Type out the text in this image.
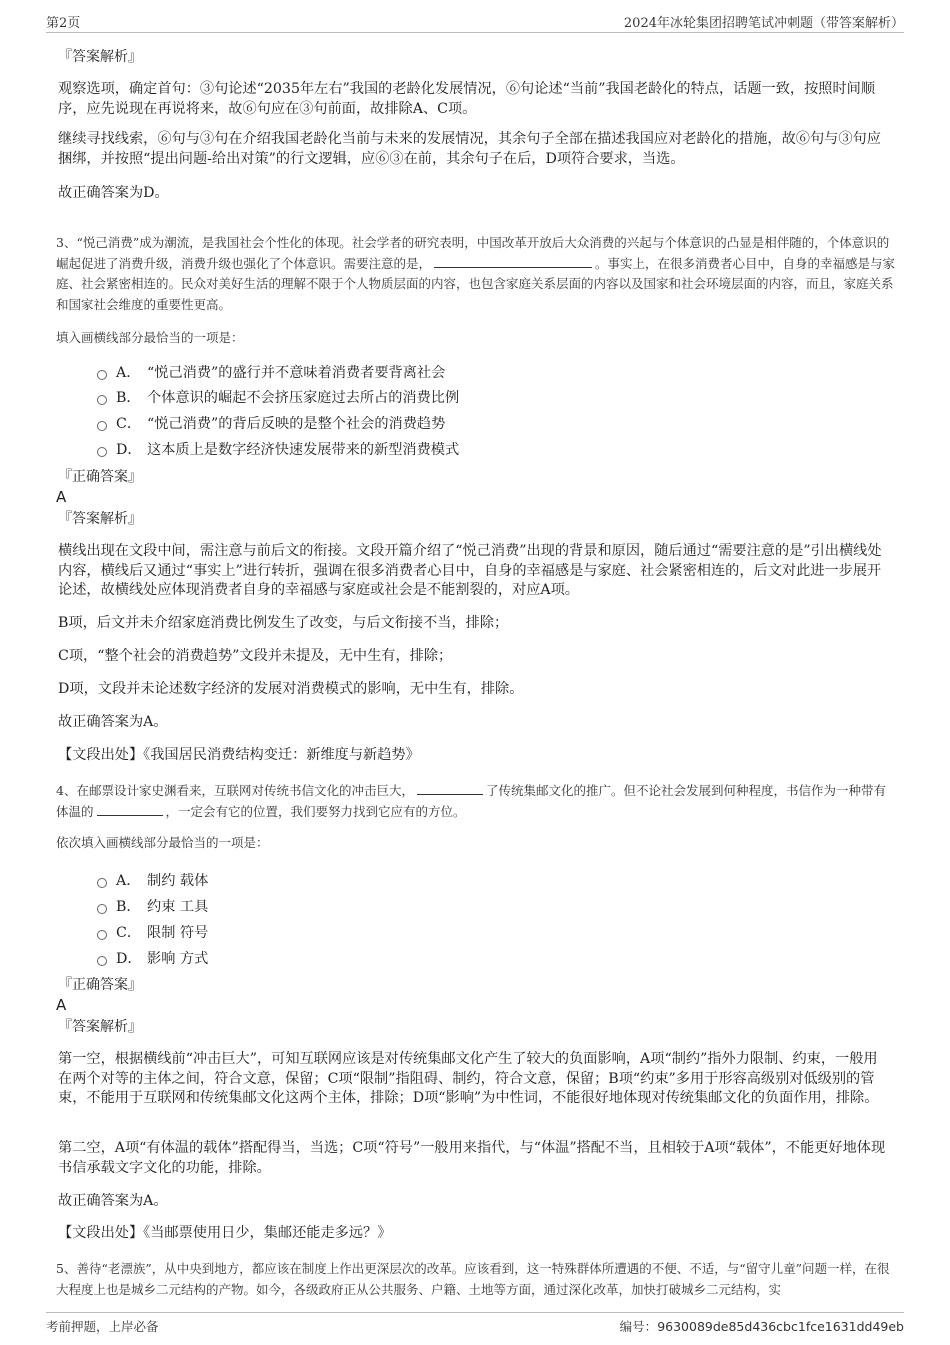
第2页	2024年冰轮集团招聘笔试冲刺题（带答案解析）

『答案解析』

观察选项，确定首句：③句论述“2035年左右”我国的老龄化发展情况，⑥句论述“当前”我国老龄化的特点，话题一致，按照时间顺序，应先说现在再说将来，故⑥句应在③句前面，故排除A、C项。

继续寻找线索，⑥句与③句在介绍我国老龄化当前与未来的发展情况，其余句子全部在描述我国应对老龄化的措施，故⑥句与③句应捆绑，并按照“提出问题-给出对策”的行文逻辑，应⑥③在前，其余句子在后，D项符合要求，当选。

故正确答案为D。

3、“悦己消费”成为潮流，是我国社会个性化的体现。社会学者的研究表明，中国改革开放后大众消费的兴起与个体意识的凸显是相伴随的，个体意识的崛起促进了消费升级，消费升级也强化了个体意识。需要注意的是，	。事实上，在很多消费者心目中，自身的幸福感是与家庭、社会紧密相连的。民众对美好生活的理解不限于个人物质层面的内容，也包含家庭关系层面的内容以及国家和社会环境层面的内容，而且，家庭关系和国家社会维度的重要性更高。

填入画横线部分最恰当的一项是：

A． “悦己消费”的盛行并不意味着消费者要背离社会
B． 个体意识的崛起不会挤压家庭过去所占的消费比例
C． “悦己消费”的背后反映的是整个社会的消费趋势
D． 这本质上是数字经济快速发展带来的新型消费模式

『正确答案』

A

『答案解析』

横线出现在文段中间，需注意与前后文的衔接。文段开篇介绍了“悦己消费”出现的背景和原因，随后通过“需要注意的是”引出横线处内容，横线后又通过“事实上”进行转折，强调在很多消费者心目中，自身的幸福感是与家庭、社会紧密相连的，后文对此进一步展开论述，故横线处应体现消费者自身的幸福感与家庭或社会是不能割裂的，对应A项。

B项，后文并未介绍家庭消费比例发生了改变，与后文衔接不当，排除；

C项，“整个社会的消费趋势”文段并未提及，无中生有，排除；

D项，文段并未论述数字经济的发展对消费模式的影响，无中生有，排除。

故正确答案为A。

【文段出处】《我国居民消费结构变迁：新维度与新趋势》

4、在邮票设计家史渊看来，互联网对传统书信文化的冲击巨大，	了传统集邮文化的推广。但不论社会发展到何种程度，书信作为一种带有体温的	，一定会有它的位置，我们要努力找到它应有的方位。

依次填入画横线部分最恰当的一项是：

A． 制约 载体
B． 约束 工具
C． 限制 符号
D． 影响 方式

『正确答案』

A

『答案解析』

第一空，根据横线前“冲击巨大”，可知互联网应该是对传统集邮文化产生了较大的负面影响，A项“制约”指外力限制、约束，一般用在两个对等的主体之间，符合文意，保留；C项“限制”指阻碍、制约，符合文意，保留；B项“约束”多用于形容高级别对低级别的管束，不能用于互联网和传统集邮文化这两个主体，排除；D项“影响”为中性词，不能很好地体现对传统集邮文化的负面作用，排除。

第二空，A项“有体温的载体”搭配得当，当选；C项“符号”一般用来指代，与“体温”搭配不当，且相较于A项“载体”，不能更好地体现书信承载文字文化的功能，排除。

故正确答案为A。

【文段出处】《当邮票使用日少，集邮还能走多远？》

5、善待“老漂族”，从中央到地方，都应该在制度上作出更深层次的改革。应该看到，这一特殊群体所遭遇的不便、不适，与“留守儿童”问题一样，在很大程度上也是城乡二元结构的产物。如今，各级政府正从公共服务、户籍、土地等方面，通过深化改革，加快打破城乡二元结构，实

考前押题，上岸必备	编号：9630089de85d436cbc1fce1631dd49eb
